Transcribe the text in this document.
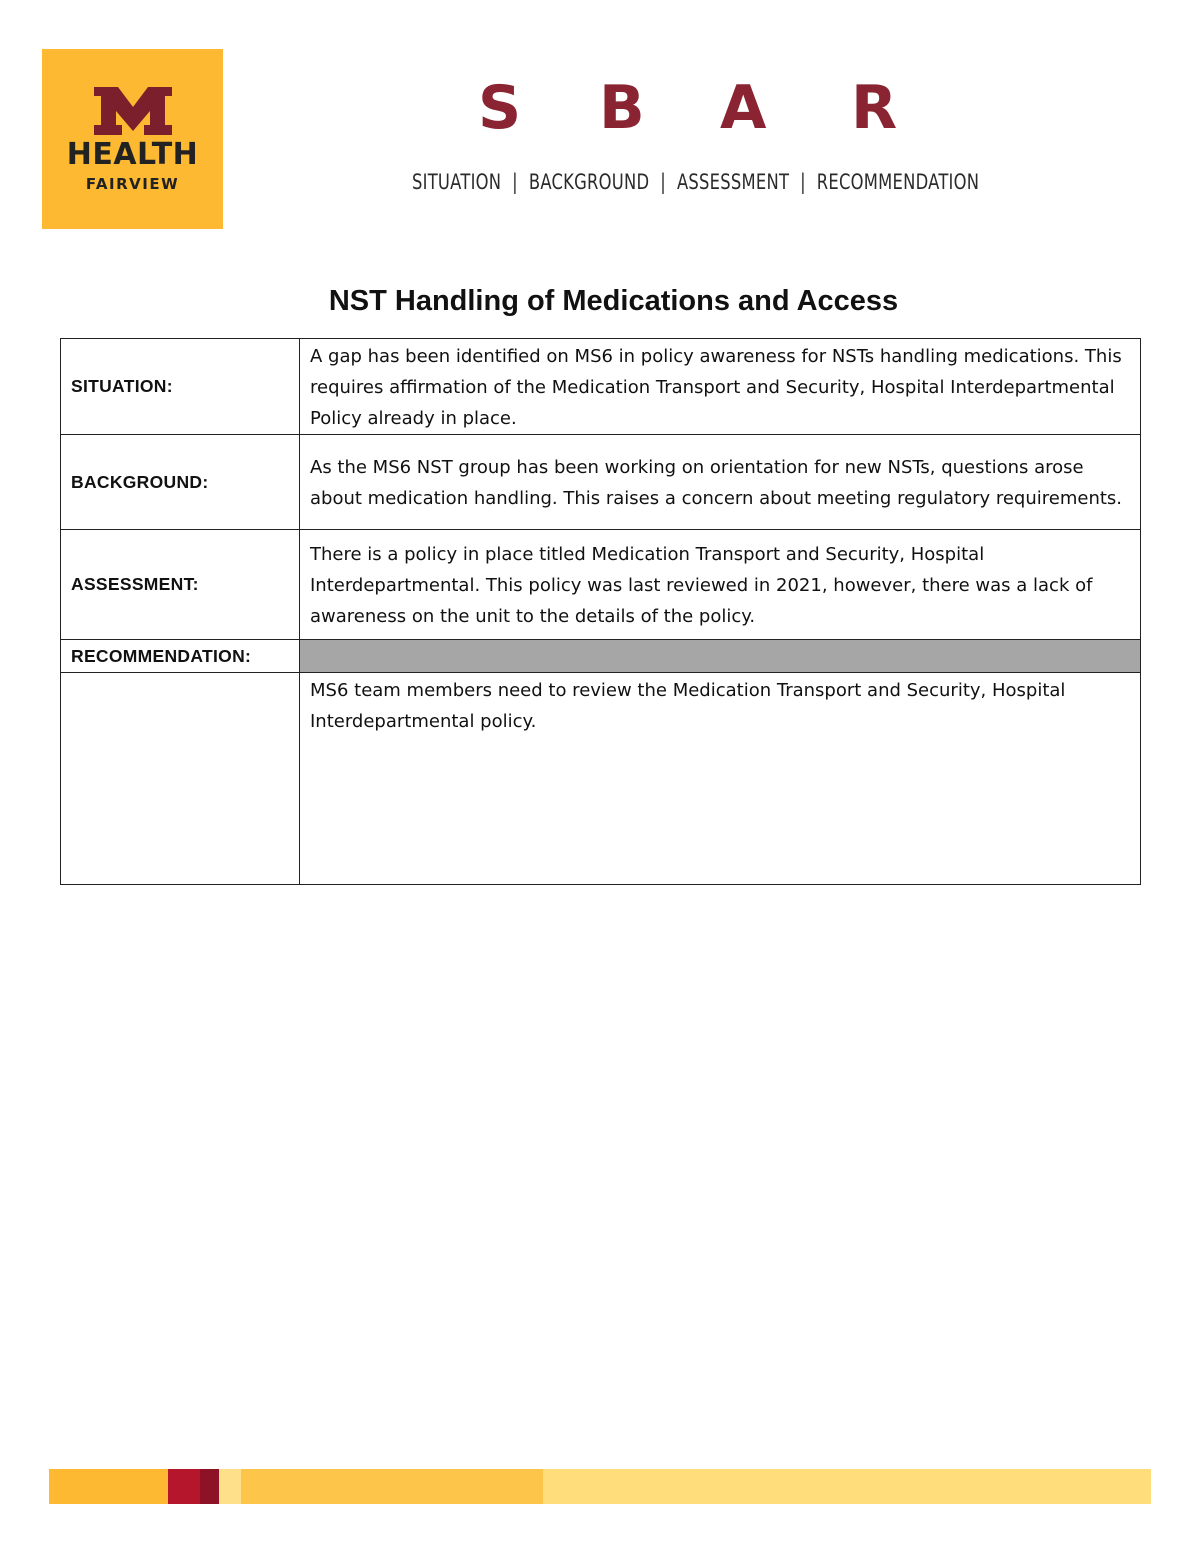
HEALTH
FAIRVIEW
S B A R
SITUATION | BACKGROUND | ASSESSMENT | RECOMMENDATION
NST Handling of Medications and Access
SITUATION:	A gap has been identified on MS6 in policy awareness for NSTs handling medications. This requires affirmation of the Medication Transport and Security, Hospital Interdepartmental Policy already in place.
BACKGROUND:	As the MS6 NST group has been working on orientation for new NSTs, questions arose about medication handling. This raises a concern about meeting regulatory requirements.
ASSESSMENT:	There is a policy in place titled Medication Transport and Security, Hospital Interdepartmental. This policy was last reviewed in 2021, however, there was a lack of awareness on the unit to the details of the policy.
RECOMMENDATION:	
	MS6 team members need to review the Medication Transport and Security, Hospital Interdepartmental policy.
